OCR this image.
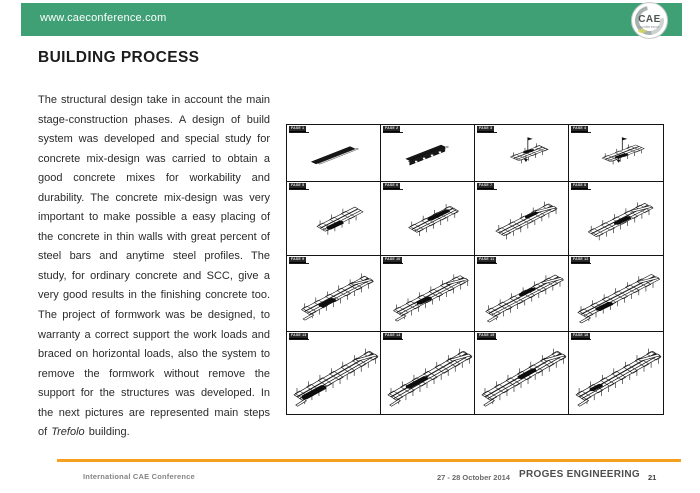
www.caeconference.com	CAE
conference
BUILDING PROCESS
The structural design take in account the main stage-construction phases. A design of build system was developed and special study for concrete mix-design was carried to obtain a good concrete mixes for workability and durability. The concrete mix-design was very important to make possible a easy placing of the concrete in thin walls with great percent of steel bars and anytime steel profiles. The study, for ordinary concrete and SCC, give a very good results in the finishing concrete too. The project of formwork was be designed, to warranty a correct support the work loads and braced on horizontal loads, also the system to remove the formwork without remove the support for the structures was developed. In the next pictures are represented main steps of Trefolo building.
FASE 1	FASE 2	FASE 3	FASE 4
FASE 5	FASE 6	FASE 7	FASE 8
FASE 9	FASE 10	FASE 11	FASE 12
FASE 13	FASE 14	FASE 15	FASE 16
International CAE Conference	27 - 28 October 2014 PROGES ENGINEERING 21
